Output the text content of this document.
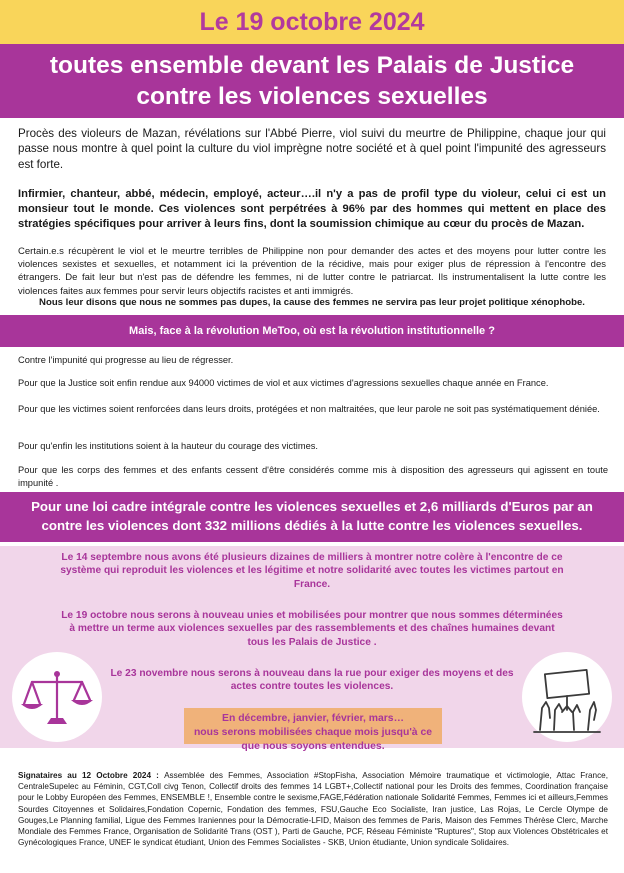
Le 19 octobre 2024
toutes ensemble devant les Palais de Justice
contre les violences sexuelles
Procès des violeurs de Mazan, révélations sur l'Abbé Pierre, viol suivi du meurtre de Philippine, chaque jour qui passe nous montre à quel point la culture du viol imprègne notre société et à quel point l'impunité des agresseurs est forte.
Infirmier, chanteur, abbé, médecin, employé, acteur….il n'y a pas de profil type du violeur, celui ci est un monsieur tout le monde. Ces violences sont perpétrées à 96% par des hommes qui mettent en place des stratégies spécifiques pour arriver à leurs fins, dont la soumission chimique au cœur du procès de Mazan.
Certain.e.s récupèrent le viol et le meurtre terribles de Philippine non pour demander des actes et des moyens pour lutter contre les violences sexistes et sexuelles, et notamment ici la prévention de la récidive, mais pour exiger plus de répression à l'encontre des étrangers. De fait leur but n'est pas de défendre les femmes, ni de lutter contre le patriarcat. Ils instrumentalisent la lutte contre les violences faites aux femmes pour servir leurs objectifs racistes et anti immigrés.
Nous leur disons que nous ne sommes pas dupes, la cause des femmes ne servira pas leur projet politique xénophobe.
Mais, face à la révolution MeToo, où est la révolution institutionnelle ?
Contre l'impunité qui progresse au lieu de régresser.
Pour que la Justice soit enfin rendue aux 94000 victimes de viol et aux victimes d'agressions sexuelles chaque année en France.
Pour que les victimes soient renforcées dans leurs droits, protégées et non maltraitées, que leur parole ne soit pas systématiquement déniée.
Pour qu'enfin les institutions soient à la hauteur du courage des victimes.
Pour que les corps des femmes et des enfants cessent d'être considérés comme mis à disposition des agresseurs qui agissent en toute impunité .
Pour une loi cadre intégrale contre les violences sexuelles et 2,6 milliards d'Euros par an
contre les violences dont 332 millions dédiés à la lutte contre les violences sexuelles.
Le 14 septembre nous avons été plusieurs dizaines de milliers à montrer notre colère à l'encontre de ce système qui reproduit les violences et les légitime et notre solidarité avec toutes les victimes partout en France.
Le 19 octobre nous serons à nouveau unies et mobilisées pour montrer que nous sommes déterminées à mettre un terme aux violences sexuelles par des rassemblements et des chaînes humaines devant tous les Palais de Justice .
Le 23 novembre nous serons à nouveau dans la rue pour exiger des moyens et des actes contre toutes les violences.
En décembre, janvier, février, mars…
nous serons mobilisées chaque mois jusqu'à ce que nous soyons entendues.
Signataires au 12 Octobre 2024 : Assemblée des Femmes, Association #StopFisha, Association Mémoire traumatique et victimologie, Attac France, CentraleSupelec au Féminin, CGT,Coll civg Tenon, Collectif droits des femmes 14 LGBT+,Collectif national pour les Droits des femmes, Coordination française pour le Lobby Européen des Femmes, ENSEMBLE !, Ensemble contre le sexisme,FAGE,Fédération nationale Solidarité Femmes, Femmes ici et ailleurs,Femmes Sourdes Citoyennes et Solidaires,Fondation Copernic, Fondation des femmes, FSU,Gauche Eco Socialiste, Iran justice, Las Rojas, Le Cercle Olympe de Gouges,Le Planning familial, Ligue des Femmes Iraniennes pour la Démocratie-LFID, Maison des femmes de Paris, Maison des Femmes Thérèse Clerc, Marche Mondiale des Femmes France, Organisation de Solidarité Trans (OST ), Parti de Gauche, PCF, Réseau Féministe "Ruptures", Stop aux Violences Obstétricales et Gynécologiques France, UNEF le syndicat étudiant, Union des Femmes Socialistes - SKB, Union étudiante, Union syndicale Solidaires.
